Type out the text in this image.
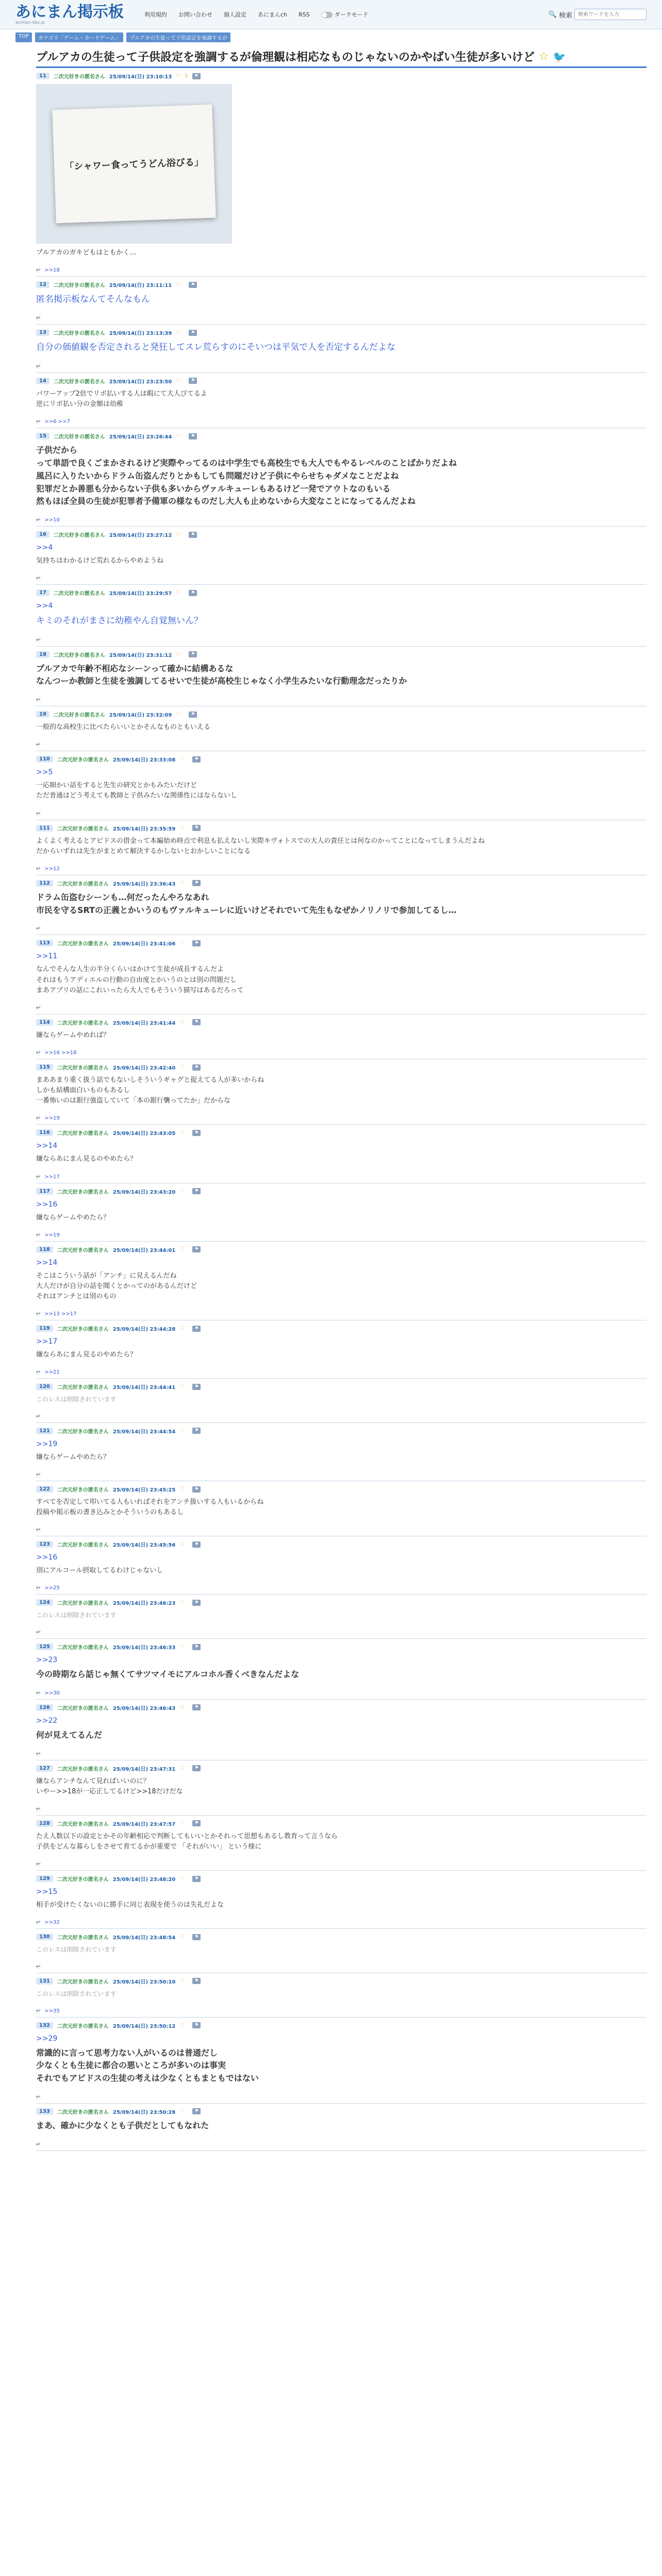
あにまん掲示板
animan-bbs.jp
利用規約 お問い合わせ 個人設定 あにまんch RSS	ダークモード	🔍 検索
検索ワードを入力
TOP	カテゴリ「ゲーム・カードゲーム」	プルアカの生徒って子供設定を強調するが
プルアカの生徒って子供設定を強調するが倫理観は相応なものじゃないのかやばい生徒が多いけど ☆ 🐦
11	二次元好きの匿名さん 25/09/14(日) 23:10:13 ♡ 1	⚑
「シャワー食ってうどん浴びる」
プルアカのガキどもはともかく…
↩ >>18
12	二次元好きの匿名さん 25/09/14(日) 23:11:11 ♡	⚑
匿名掲示板なんてそんなもん
↩
13	二次元好きの匿名さん 25/09/14(日) 23:13:39 ♡	⚑
自分の価値観を否定されると発狂してスレ荒らすのにそいつは平気で人を否定するんだよな
↩
14	二次元好きの匿名さん 25/09/14(日) 23:23:50 ♡	⚑
パワーアップ2倍でリボ払いする人は暇にて大人びてるよ
逆にリボ払い分の金額は幼稚
↩ >>6 >>7
15	二次元好きの匿名さん 25/09/14(日) 23:26:44 ♡	⚑
子供だから
って単語で良くごまかされるけど実際やってるのは中学生でも高校生でも大人でもやるレベルのことばかりだよね
風呂に入りたいからドラム缶盗んだりとかもしても問題だけど子供にやらせちゃダメなことだよね
犯罪だとか善悪も分からない子供も多いからヴァルキューレもあるけど一発でアウトなのもいる
然もほぼ全員の生徒が犯罪者予備軍の様なものだし大人も止めないから大変なことになってるんだよね
↩ >>10
16	二次元好きの匿名さん 25/09/14(日) 23:27:12 ♡	⚑
>>4
気持ちはわかるけど荒れるからやめようね
↩
17	二次元好きの匿名さん 25/09/14(日) 23:29:57 ♡	⚑
>>4
キミのそれがまさに幼稚やん自覚無いん？
↩
18	二次元好きの匿名さん 25/09/14(日) 23:31:12 ♡	⚑
プルアカで年齢不相応なシーンって確かに結構あるな
なんつーか教師と生徒を強調してるせいで生徒が高校生じゃなく小学生みたいな行動理念だったりか
↩
19	二次元好きの匿名さん 25/09/14(日) 23:32:09 ♡	⚑
一般的な高校生に比べたらいいとかそんなものともいえる
↩
110	二次元好きの匿名さん 25/09/14(日) 23:33:08 ♡	⚑
>>5
一応細かい話をすると先生の研究とかもみたいだけど
ただ普通はどう考えても教師と子供みたいな関係性にはならないし
↩
111	二次元好きの匿名さん 25/09/14(日) 23:35:59 ♡	⚑
よくよく考えるとアビドスの借金って本編始め時点で利息も払えないし実際キヴォトスでの大人の責任とは何なのかってことになってしまうんだよね
だからいずれは先生がまとめて解決するかしないとおかしいことになる
↩ >>12
112	二次元好きの匿名さん 25/09/14(日) 23:36:43 ♡	⚑
ドラム缶盗むシーンも…何だったんやろなあれ
市民を守るSRTの正義とかいうのもヴァルキューレに近いけどそれでいて先生もなぜかノリノリで参加してるし…
↩
113	二次元好きの匿名さん 25/09/14(日) 23:41:06 ♡	⚑
>>11
なんでそんな人生の半分くらいはかけて生徒が成長するんだよ
それはもうアディエルの行動の自由度とかいうのとは別の問題だし
まあアプリの話にこれいったら大人でもそういう描写はあるだろって
↩
114	二次元好きの匿名さん 25/09/14(日) 23:41:44 ♡	⚑
嫌ならゲームやめれば？
↩ >>16 >>18
115	二次元好きの匿名さん 25/09/14(日) 23:42:40 ♡	⚑
まああまり重く扱う話でもないしそういうギャグと捉えてる人が多いからね
しかも結構面白いものもあるし
一番怖いのは銀行強盗していて「本の銀行襲ってたか」だからな
↩ >>19
116	二次元好きの匿名さん 25/09/14(日) 23:43:05 ♡	⚑
>>14
嫌ならあにまん見るのやめたら？
↩ >>17
117	二次元好きの匿名さん 25/09/14(日) 23:43:20 ♡	⚑
>>16
嫌ならゲームやめたら？
↩ >>19
118	二次元好きの匿名さん 25/09/14(日) 23:44:01 ♡	⚑
>>14
そこはこういう話が「アンチ」に見えるんだね
大人だけが自分の話を聞くとかってのがあるんだけど
それはアンチとは別のもの
↩ >>13 >>17
119	二次元好きの匿名さん 25/09/14(日) 23:44:28 ♡	⚑
>>17
嫌ならあにまん見るのやめたら？
↩ >>21
120	二次元好きの匿名さん 25/09/14(日) 23:44:41 ♡	⚑
このレスは削除されています
↩
121	二次元好きの匿名さん 25/09/14(日) 23:44:54 ♡	⚑
>>19
嫌ならゲームやめたら？
↩
122	二次元好きの匿名さん 25/09/14(日) 23:45:25 ♡	⚑
すべてを否定して叩いてる人もいればそれをアンチ扱いする人もいるからね
投稿や掲示板の書き込みとかそういうのもあるし
↩
123	二次元好きの匿名さん 25/09/14(日) 23:45:56 ♡	⚑
>>16
別にアルコール摂取してるわけじゃないし
↩ >>25
124	二次元好きの匿名さん 25/09/14(日) 23:46:23 ♡	⚑
このレスは削除されています
↩
125	二次元好きの匿名さん 25/09/14(日) 23:46:33 ♡	⚑
>>23
今の時期なら話じゃ無くてサツマイモにアルコホル香くべきなんだよな
↩ >>30
126	二次元好きの匿名さん 25/09/14(日) 23:46:43 ♡	⚑
>>22
何が見えてるんだ
↩
127	二次元好きの匿名さん 25/09/14(日) 23:47:31 ♡	⚑
嫌ならアンチなんて見ればいいのに？
いやー>>18が一応正してるけど>>18だけだな
↩
128	二次元好きの匿名さん 25/09/14(日) 23:47:57 ♡	⚑
たえ人数以下の設定とかその年齢相応で判断してもいいとかそれって思想もあるし教育って言うなら
子供をどんな暮らしをさせて育てるかが重要で 「それがいい」 という様に
↩
129	二次元好きの匿名さん 25/09/14(日) 23:48:20 ♡	⚑
>>15
相手が受けたくないのに勝手に同じ表現を使うのは失礼だよな
↩ >>32
130	二次元好きの匿名さん 25/09/14(日) 23:48:54 ♡	⚑
このレスは削除されています
↩
131	二次元好きの匿名さん 25/09/14(日) 23:50:10 ♡	⚑
このレスは削除されています
↩ >>35
132	二次元好きの匿名さん 25/09/14(日) 23:50:12 ♡	⚑
>>29
常識的に言って思考力ない人がいるのは普通だし
少なくとも生徒に都合の悪いところが多いのは事実
それでもアビドスの生徒の考えは少なくともまともではない
↩
133	二次元好きの匿名さん 25/09/14(日) 23:50:28 ♡	⚑
まあ、確かに少なくとも子供だとしてもなれた
↩
